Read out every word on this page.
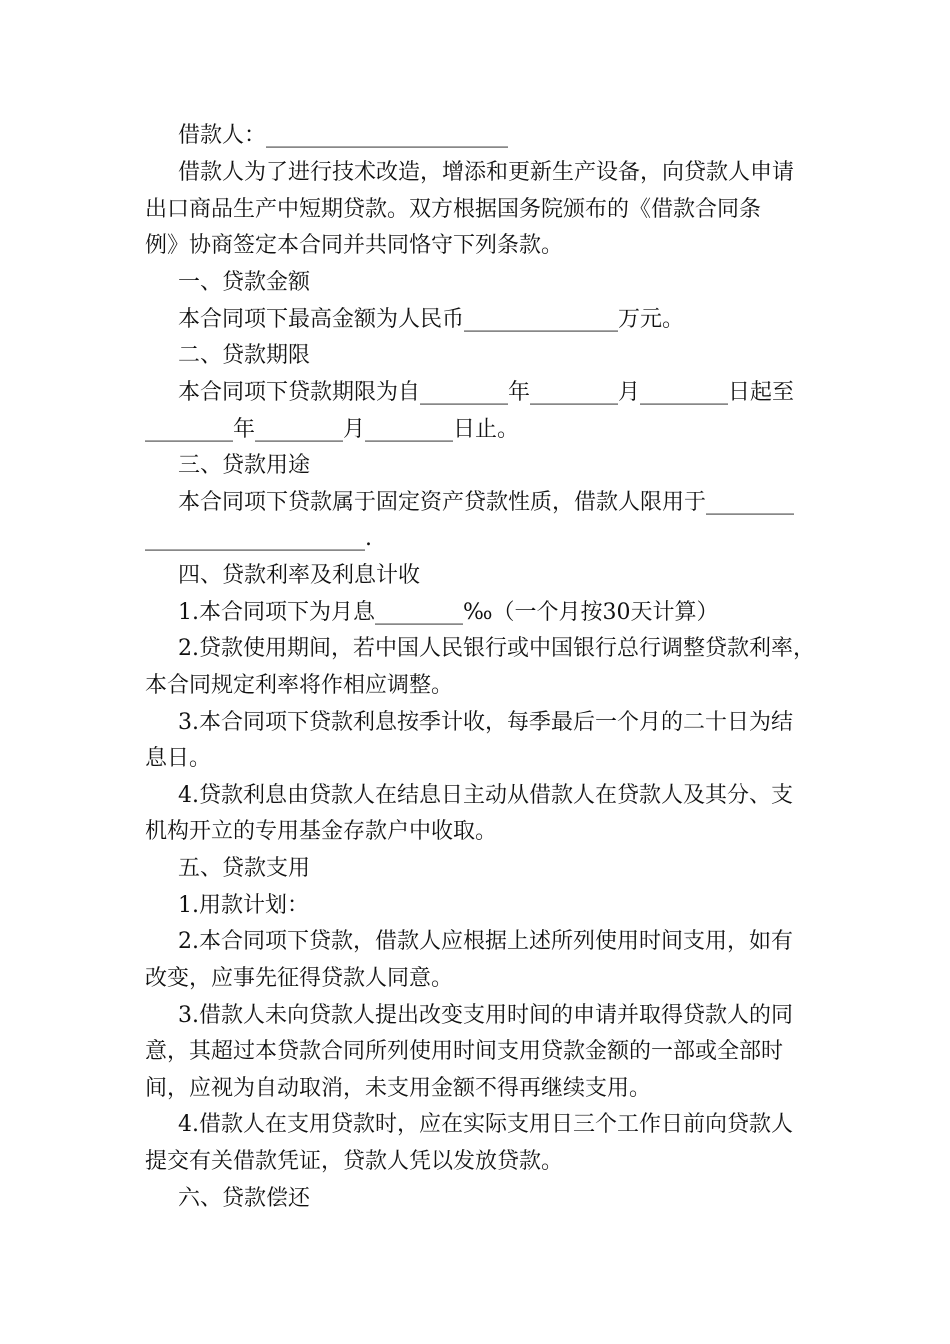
借款人：______________________
借款人为了进行技术改造，增添和更新生产设备，向贷款人申请
出口商品生产中短期贷款。双方根据国务院颁布的《借款合同条
例》协商签定本合同并共同恪守下列条款。
一、贷款金额
本合同项下最高金额为人民币______________万元。
二、贷款期限
本合同项下贷款期限为自________年________月________日起至
________年________月________日止。
三、贷款用途
本合同项下贷款属于固定资产贷款性质，借款人限用于________
____________________.
四、贷款利率及利息计收
1.本合同项下为月息________‰（一个月按30天计算）
2.贷款使用期间，若中国人民银行或中国银行总行调整贷款利率，
本合同规定利率将作相应调整。
3.本合同项下贷款利息按季计收，每季最后一个月的二十日为结
息日。
4.贷款利息由贷款人在结息日主动从借款人在贷款人及其分、支
机构开立的专用基金存款户中收取。
五、贷款支用
1.用款计划：
2.本合同项下贷款，借款人应根据上述所列使用时间支用，如有
改变，应事先征得贷款人同意。
3.借款人未向贷款人提出改变支用时间的申请并取得贷款人的同
意，其超过本贷款合同所列使用时间支用贷款金额的一部或全部时
间，应视为自动取消，未支用金额不得再继续支用。
4.借款人在支用贷款时，应在实际支用日三个工作日前向贷款人
提交有关借款凭证，贷款人凭以发放贷款。
六、贷款偿还
